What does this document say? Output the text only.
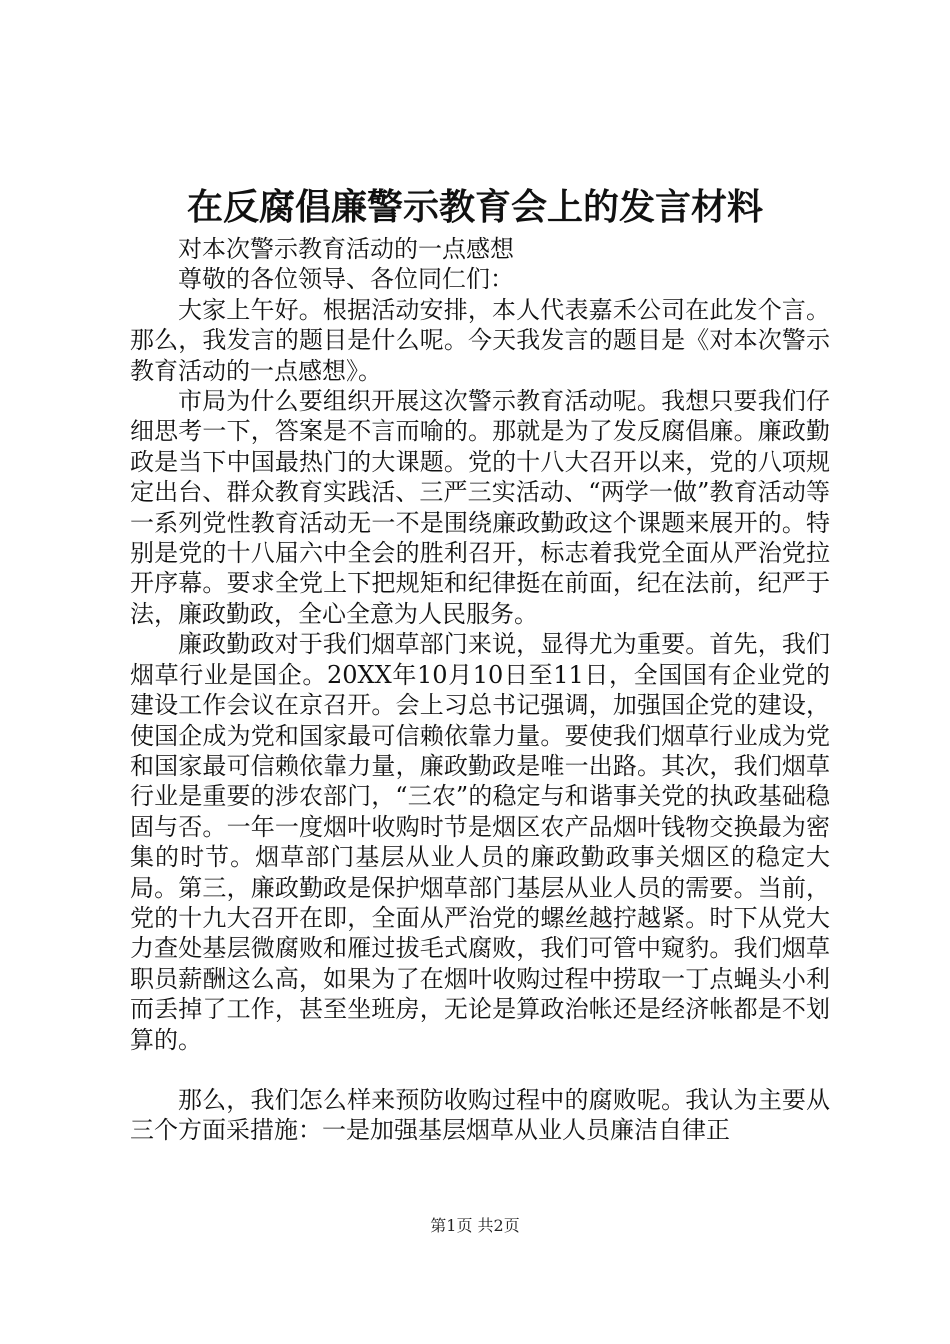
在反腐倡廉警示教育会上的发言材料

对本次警示教育活动的一点感想

尊敬的各位领导、各位同仁们：

大家上午好。根据活动安排，本人代表嘉禾公司在此发个言。那么，我发言的题目是什么呢。今天我发言的题目是《对本次警示教育活动的一点感想》。

市局为什么要组织开展这次警示教育活动呢。我想只要我们仔细思考一下，答案是不言而喻的。那就是为了发反腐倡廉。廉政勤政是当下中国最热门的大课题。党的十八大召开以来，党的八项规定出台、群众教育实践活、三严三实活动、“两学一做”教育活动等一系列党性教育活动无一不是围绕廉政勤政这个课题来展开的。特别是党的十八届六中全会的胜利召开，标志着我党全面从严治党拉开序幕。要求全党上下把规矩和纪律挺在前面，纪在法前，纪严于法，廉政勤政，全心全意为人民服务。

廉政勤政对于我们烟草部门来说，显得尤为重要。首先，我们烟草行业是国企。20XX年10月10日至11日，全国国有企业党的建设工作会议在京召开。会上习总书记强调，加强国企党的建设，使国企成为党和国家最可信赖依靠力量。要使我们烟草行业成为党和国家最可信赖依靠力量，廉政勤政是唯一出路。其次，我们烟草行业是重要的涉农部门，“三农”的稳定与和谐事关党的执政基础稳固与否。一年一度烟叶收购时节是烟区农产品烟叶钱物交换最为密集的时节。烟草部门基层从业人员的廉政勤政事关烟区的稳定大局。第三，廉政勤政是保护烟草部门基层从业人员的需要。当前，党的十九大召开在即，全面从严治党的螺丝越拧越紧。时下从党大力查处基层微腐败和雁过拔毛式腐败，我们可管中窥豹。我们烟草职员薪酬这么高，如果为了在烟叶收购过程中捞取一丁点蝇头小利而丢掉了工作，甚至坐班房，无论是算政治帐还是经济帐都是不划算的。

那么，我们怎么样来预防收购过程中的腐败呢。我认为主要从三个方面采措施：一是加强基层烟草从业人员廉洁自律正

第1页 共2页
